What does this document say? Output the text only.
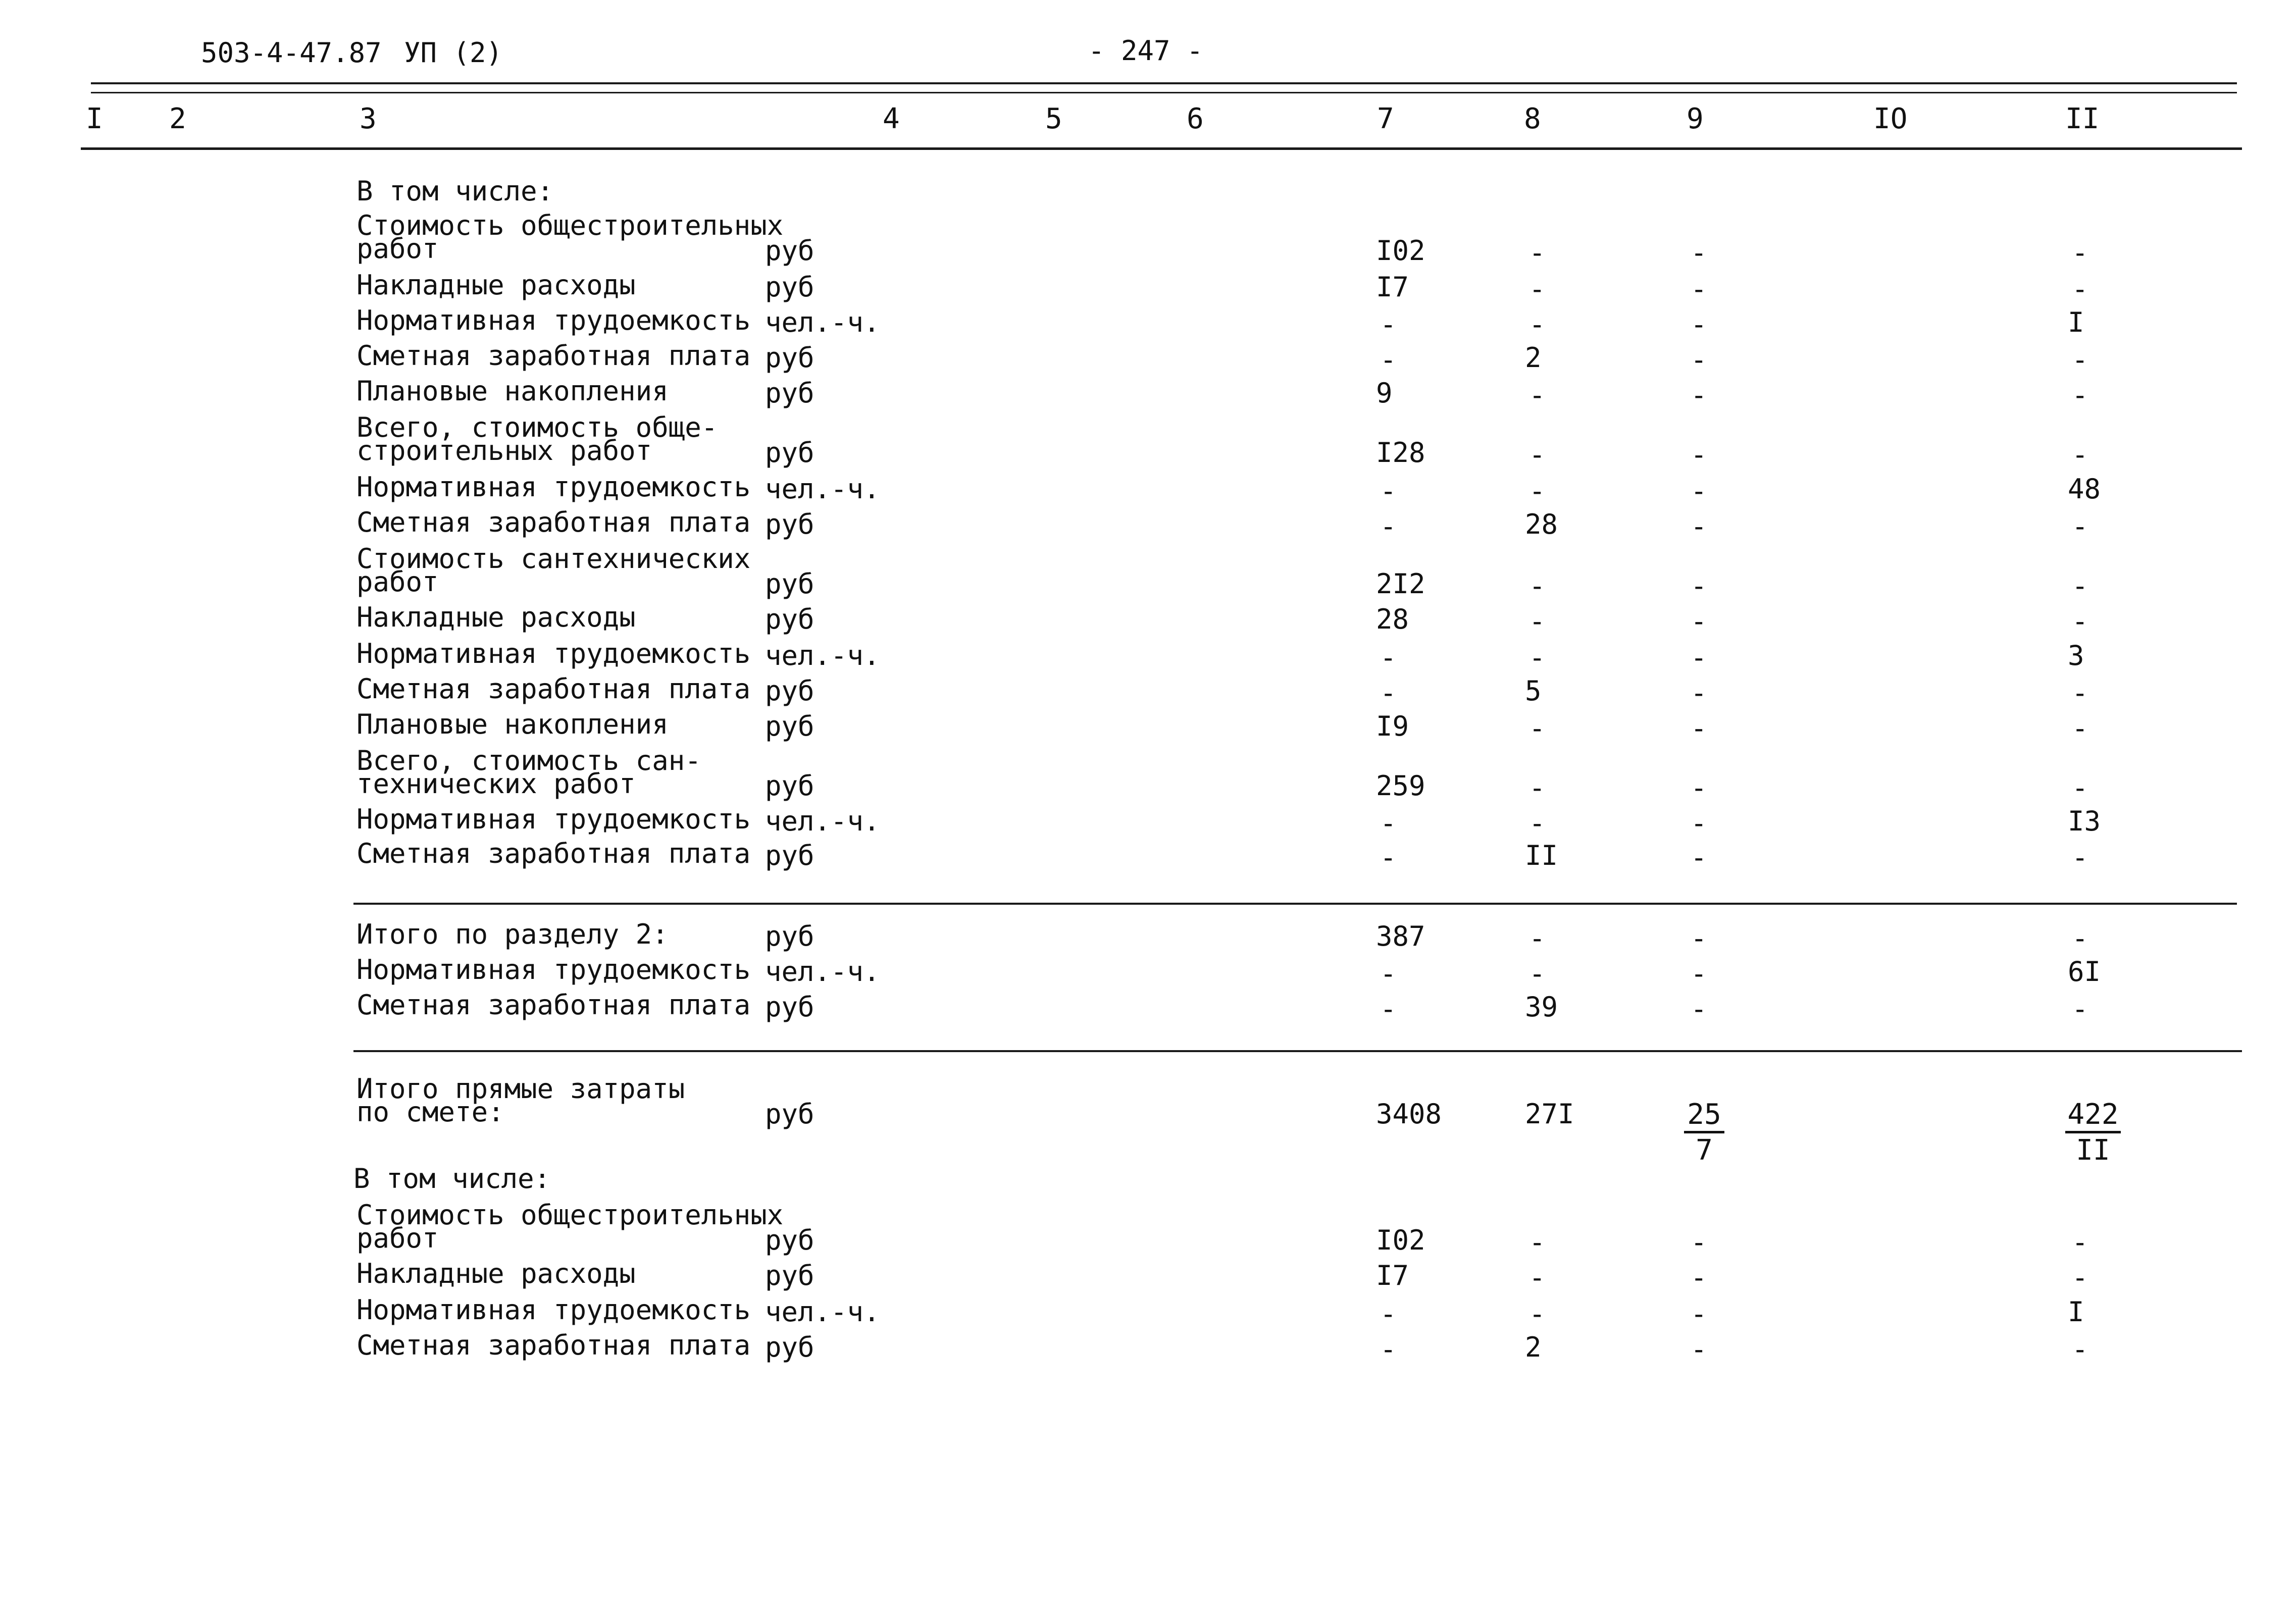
503-4-47.87 УП (2)	- 247 -
I 2	3	4	5	6	7	8	9	IO	II
В том числе:
Стоимость общестроительных
работ	руб	I02	-	-	-
Накладные расходы	руб	I7	-	-	-
Нормативная трудоемкость чел.-ч.	-	-	-	I
Сметная заработная плата руб	-	2	-	-
Плановые накопления	руб	9	-	-	-
Всего, стоимость обще-
строительных работ	руб	I28	-	-	-
Нормативная трудоемкость чел.-ч.	-	-	-	48
Сметная заработная плата руб	-	28	-	-
Стоимость сантехнических
работ	руб	2I2	-	-	-
Накладные расходы	руб	28	-	-	-
Нормативная трудоемкость чел.-ч.	-	-	-	3
Сметная заработная плата руб	-	5	-	-
Плановые накопления	руб	I9	-	-	-
Всего, стоимость сан-
технических работ	руб	259	-	-	-
Нормативная трудоемкость чел.-ч.	-	-	-	I3
Сметная заработная плата руб	-	II	-	-
Итого по разделу 2:	руб	387	-	-	-
Нормативная трудоемкость чел.-ч.	-	-	-	6I
Сметная заработная плата руб	-	39	-	-
Итого прямые затраты
по смете:	руб	3408	27I	$\frac{25}{7}$	$\frac{422}{II}$
В том числе:
Стоимость общестроительных
работ	руб	I02	-	-	-
Накладные расходы	руб	I7	-	-	-
Нормативная трудоемкость чел.-ч.	-	-	-	I
Сметная заработная плата руб	-	2	-	-
